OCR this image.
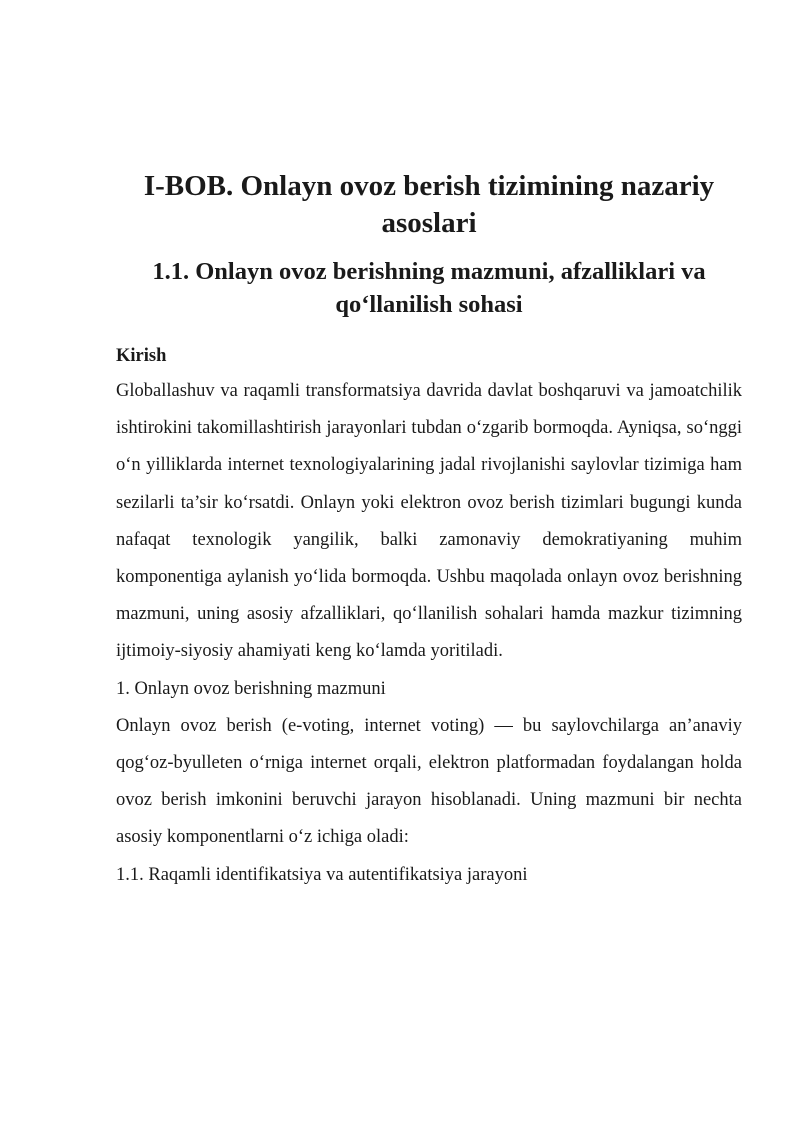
I-BOB. Onlayn ovoz berish tizimining nazariy asoslari
1.1. Onlayn ovoz berishning mazmuni, afzalliklari va qo‘llanilish sohasi
Kirish

Globallashuv va raqamli transformatsiya davrida davlat boshqaruvi va jamoatchilik ishtirokini takomillashtirish jarayonlari tubdan o‘zgarib bormoqda. Ayniqsa, so‘nggi o‘n yilliklarda internet texnologiyalarining jadal rivojlanishi saylovlar tizimiga ham sezilarli ta’sir ko‘rsatdi. Onlayn yoki elektron ovoz berish tizimlari bugungi kunda nafaqat texnologik yangilik, balki zamonaviy demokratiyaning muhim komponentiga aylanish yo‘lida bormoqda. Ushbu maqolada onlayn ovoz berishning mazmuni, uning asosiy afzalliklari, qo‘llanilish sohalari hamda mazkur tizimning ijtimoiy-siyosiy ahamiyati keng ko‘lamda yoritiladi.

1. Onlayn ovoz berishning mazmuni

Onlayn ovoz berish (e-voting, internet voting) — bu saylovchilarga an’anaviy qog‘oz-byulleten o‘rniga internet orqali, elektron platformadan foydalangan holda ovoz berish imkonini beruvchi jarayon hisoblanadi. Uning mazmuni bir nechta asosiy komponentlarni o‘z ichiga oladi:

1.1. Raqamli identifikatsiya va autentifikatsiya jarayoni
